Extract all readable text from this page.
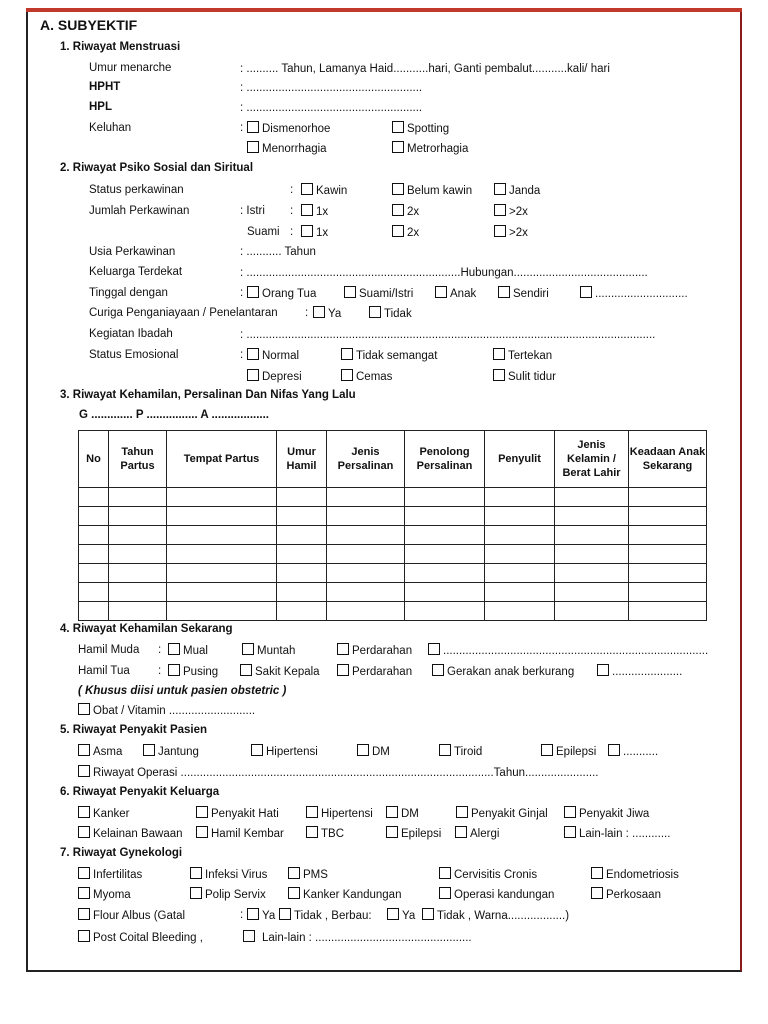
A. SUBYEKTIF
1. Riwayat Menstruasi
Umur menarche	: .......... Tahun, Lamanya Haid...........hari, Ganti pembalut...........kali/ hari
HPHT	: .......................................................
HPL	: .......................................................
Keluhan	:	Dismenorhoe	Spotting
Menorrhagia	Metrorhagia
2. Riwayat Psiko Sosial dan Siritual
Status perkawinan	:	Kawin	Belum kawin	Janda
Jumlah Perkawinan	: Istri :	1x	2x	>2x
Suami :	1x	2x	>2x
Usia Perkawinan	: ........... Tahun
Keluarga Terdekat	: ...................................................................Hubungan..........................................
Tinggal dengan	:	Orang Tua	Suami/Istri	Anak	Sendiri	.............................
Curiga Penganiayaan / Penelantaran :	Ya	Tidak
Kegiatan Ibadah	: ................................................................................................................................
Status Emosional	:	Normal	Tidak semangat	Tertekan
Depresi	Cemas	Sulit tidur
3. Riwayat Kehamilan, Persalinan Dan Nifas Yang Lalu
G ............. P ................ A ..................
No	Tahun Partus	Tempat Partus	Umur Hamil	Jenis Persalinan	Penolong Persalinan	Penyulit	Jenis Kelamin / Berat Lahir	Keadaan Anak Sekarang

4. Riwayat Kehamilan Sekarang
Hamil Muda :	Mual	Muntah	Perdarahan	...................................................................................
Hamil Tua :	Pusing	Sakit Kepala	Perdarahan	Gerakan anak berkurang	......................
( Khusus diisi untuk pasien obstetric )
Obat / Vitamin ...........................
5. Riwayat Penyakit Pasien
Asma	Jantung	Hipertensi	DM	Tiroid	Epilepsi	...........
Riwayat Operasi ..................................................................................................Tahun.......................
6. Riwayat Penyakit Keluarga
Kanker	Penyakit Hati	Hipertensi	DM	Penyakit Ginjal	Penyakit Jiwa
Kelainan Bawaan	Hamil Kembar	TBC	Epilepsi	Alergi	Lain-lain : ............
7. Riwayat Gynekologi
Infertilitas	Infeksi Virus	PMS	Cervisitis Cronis	Endometriosis
Myoma	Polip Servix	Kanker Kandungan	Operasi kandungan	Perkosaan
Flour Albus (Gatal	:	Ya	Tidak , Berbau:	Ya	Tidak , Warna..................)
Post Coital Bleeding ,	Lain-lain : .................................................
